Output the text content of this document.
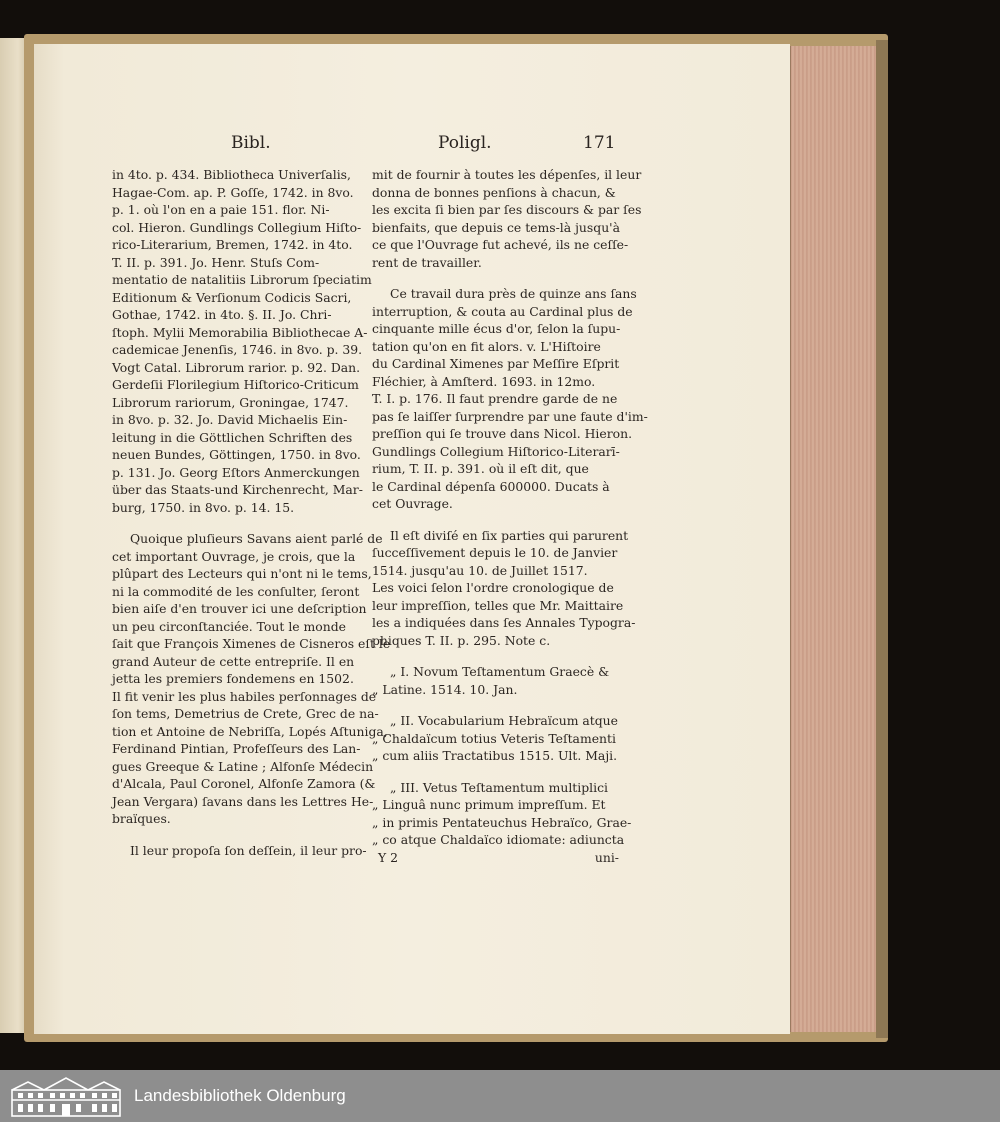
Bibl.	Poligl.	171

in 4to. p. 434. Bibliotheca Univerſalis,
Hagae-Com. ap. P. Goſſe, 1742. in 8vo.
p. 1. où l'on en a paie 151. flor. Ni-
col. Hieron. Gundlings Collegium Hiſto-
rico-Literarium, Bremen, 1742. in 4to.
T. II. p. 391. Jo. Henr. Stuſs Com-
mentatio de natalitiis Librorum ſpeciatim
Editionum & Verſionum Codicis Sacri,
Gothae, 1742. in 4to. §. II. Jo. Chri-
ſtoph. Mylii Memorabilia Bibliothecae A-
cademicae Jenenſis, 1746. in 8vo. p. 39.
Vogt Catal. Librorum rarior. p. 92. Dan.
Gerdeſii Florilegium Hiſtorico-Criticum
Librorum rariorum, Groningae, 1747.
in 8vo. p. 32. Jo. David Michaelis Ein-
leitung in die Göttlichen Schriften des
neuen Bundes, Göttingen, 1750. in 8vo.
p. 131. Jo. Georg Eſtors Anmerckungen
über das Staats-und Kirchenrecht, Mar-
burg, 1750. in 8vo. p. 14. 15.

Quoique pluſieurs Savans aient parlé de
cet important Ouvrage, je crois, que la
plûpart des Lecteurs qui n'ont ni le tems,
ni la commodité de les conſulter, ſeront
bien aiſe d'en trouver ici une deſcription
un peu circonſtanciée. Tout le monde
ſait que François Ximenes de Cisneros eſt le
grand Auteur de cette entrepriſe. Il en
jetta les premiers fondemens en 1502.
Il fit venir les plus habiles perſonnages de
ſon tems, Demetrius de Crete, Grec de na-
tion et Antoine de Nebriſſa, Lopés Aſtuniga,
Ferdinand Pintian, Profeſſeurs des Lan-
gues Greeque & Latine ; Alfonſe Médecin
d'Alcala, Paul Coronel, Alfonſe Zamora (&
Jean Vergara) ſavans dans les Lettres He-
braïques.

Il leur propoſa ſon deſſein, il leur pro-

mit de fournir à toutes les dépenſes, il leur
donna de bonnes penſions à chacun, &
les excita ſi bien par ſes discours & par ſes
bienfaits, que depuis ce tems-là jusqu'à
ce que l'Ouvrage fut achevé, ils ne ceſſe-
rent de travailler.

Ce travail dura près de quinze ans ſans
interruption, & couta au Cardinal plus de
cinquante mille écus d'or, ſelon la ſupu-
tation qu'on en fit alors. v. L'Hiſtoire
du Cardinal Ximenes par Meſſire Eſprit
Fléchier, à Amſterd. 1693. in 12mo.
T. I. p. 176. Il faut prendre garde de ne
pas ſe laiſſer ſurprendre par une faute d'im-
preſſion qui ſe trouve dans Nicol. Hieron.
Gundlings Collegium Hiſtorico-Literarī-
rium, T. II. p. 391. où il eſt dit, que
le Cardinal dépenſa 600000. Ducats à
cet Ouvrage.

Il eſt diviſé en ſix parties qui parurent
ſucceſſivement depuis le 10. de Janvier
1514. jusqu'au 10. de Juillet 1517.
Les voici ſelon l'ordre cronologique de
leur impreſſion, telles que Mr. Maittaire
les a indiquées dans ſes Annales Typogra-
phiques T. II. p. 295. Note c.

„ I. Novum Teſtamentum Graecè &
„ Latine. 1514. 10. Jan.

„ II. Vocabularium Hebraïcum atque
„ Chaldaïcum totius Veteris Teſtamenti
„ cum aliis Tractatibus 1515. Ult. Maji.

„ III. Vetus Teſtamentum multiplici
„ Linguâ nunc primum impreſſum. Et
„ in primis Pentateuchus Hebraïco, Grae-
„ co atque Chaldaïco idiomate: adiuncta

Y 2	uni-
Landesbibliothek Oldenburg
